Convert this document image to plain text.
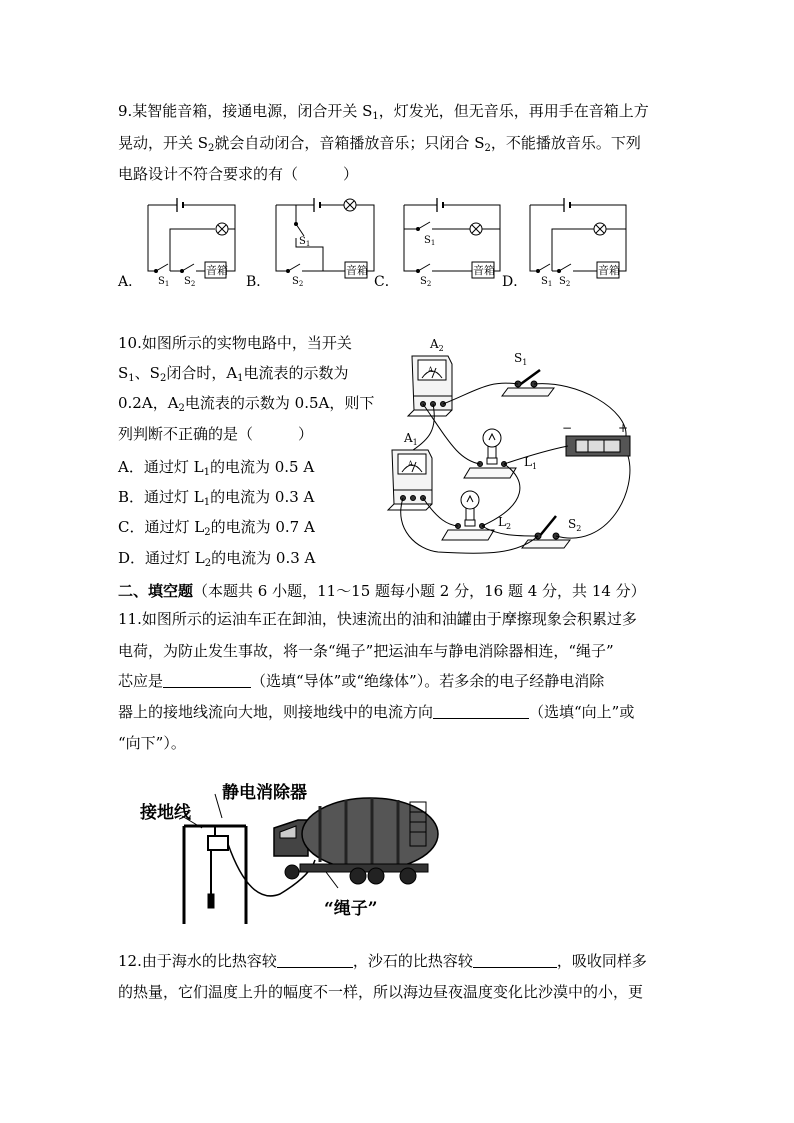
9.某智能音箱，接通电源，闭合开关 $S_1$，灯发光，但无音乐，再用手在音箱上方
晃动，开关 $S_2$就会自动闭合，音箱播放音乐；只闭合 $S_2$，不能播放音乐。下列
电路设计不符合要求的有（　　　）
$S_1$ $S_2$
音箱
A．
$S_1$
$S_2$
音箱
B．
$S_1$
$S_2$
音箱
C．	$S_1$ $S_2$
音箱
D．
10.如图所示的实物电路中，当开关
$S_1$、$S_2$闭合时，$A_1$电流表的示数为
0.2A，$A_2$电流表的示数为 0.5A，则下
列判断不正确的是（　　　）
A．通过灯 $L_1$的电流为 0.5 A
B．通过灯 $L_1$的电流为 0.3 A
C．通过灯 $L_2$的电流为 0.7 A
D．通过灯 $L_2$的电流为 0.3 A
$A_2$
$A_1$
$S_1$
$S_2$
$L_1$
$L_2$
A
A
−	+
二、填空题（本题共 6 小题，11～15 题每小题 2 分，16 题 4 分，共 14 分）
11.如图所示的运油车正在卸油，快速流出的油和油罐由于摩擦现象会积累过多
电荷，为防止发生事故，将一条“绳子”把运油车与静电消除器相连，“绳子”
芯应是	（选填“导体”或“绝缘体”）。若多余的电子经静电消除
器上的接地线流向大地，则接地线中的电流方向	（选填“向上”或
“向下”）。
静电消除器
接地线
“绳子”
12.由于海水的比热容较	，沙石的比热容较	，吸收同样多
的热量，它们温度上升的幅度不一样，所以海边昼夜温度变化比沙漠中的小，更
